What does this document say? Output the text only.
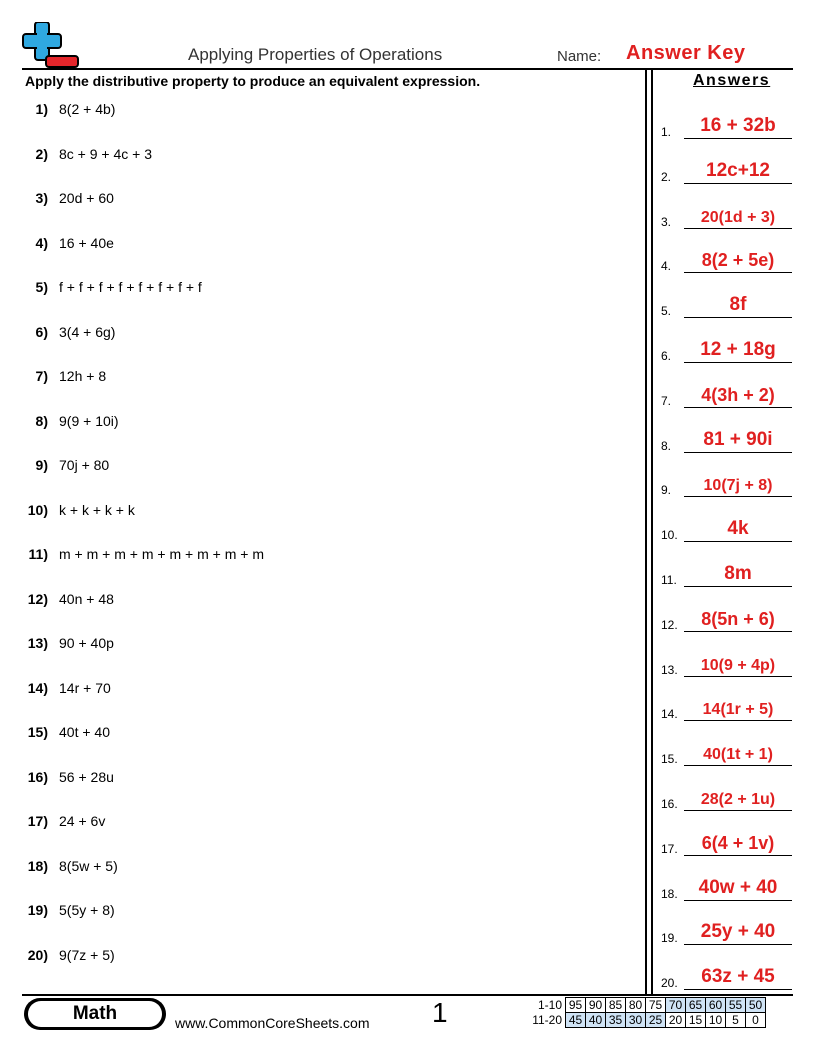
Applying Properties of Operations	Name: Answer Key
Apply the distributive property to produce an equivalent expression.	Answers
1) 8(2 + 4b)
2) 8c + 9 + 4c + 3
3) 20d + 60
4) 16 + 40e
5) f + f + f + f + f + f + f + f
6) 3(4 + 6g)
7) 12h + 8
8) 9(9 + 10i)
9) 70j + 80
10) k + k + k + k
11) m + m + m + m + m + m + m + m
12) 40n + 48
13) 90 + 40p
14) 14r + 70
15) 40t + 40
16) 56 + 28u
17) 24 + 6v
18) 8(5w + 5)
19) 5(5y + 8)
20) 9(7z + 5)
1.	16 + 32b
2.	12c+12
3.	20(1d + 3)
4.	8(2 + 5e)
5.	8f
6.	12 + 18g
7.	4(3h + 2)
8.	81 + 90i
9.	10(7j + 8)
10.	4k
11.	8m
12.	8(5n + 6)
13.	10(9 + 4p)
14.	14(1r + 5)
15.	40(1t + 1)
16.	28(2 + 1u)
17.	6(4 + 1v)
18.	40w + 40
19.	25y + 40
20.	63z + 45
Math	www.CommonCoreSheets.com 1	1-10	95	90	85	80	75	70	65	60	55	50
11-20	45	40	35	30	25	20	15	10	5	0
